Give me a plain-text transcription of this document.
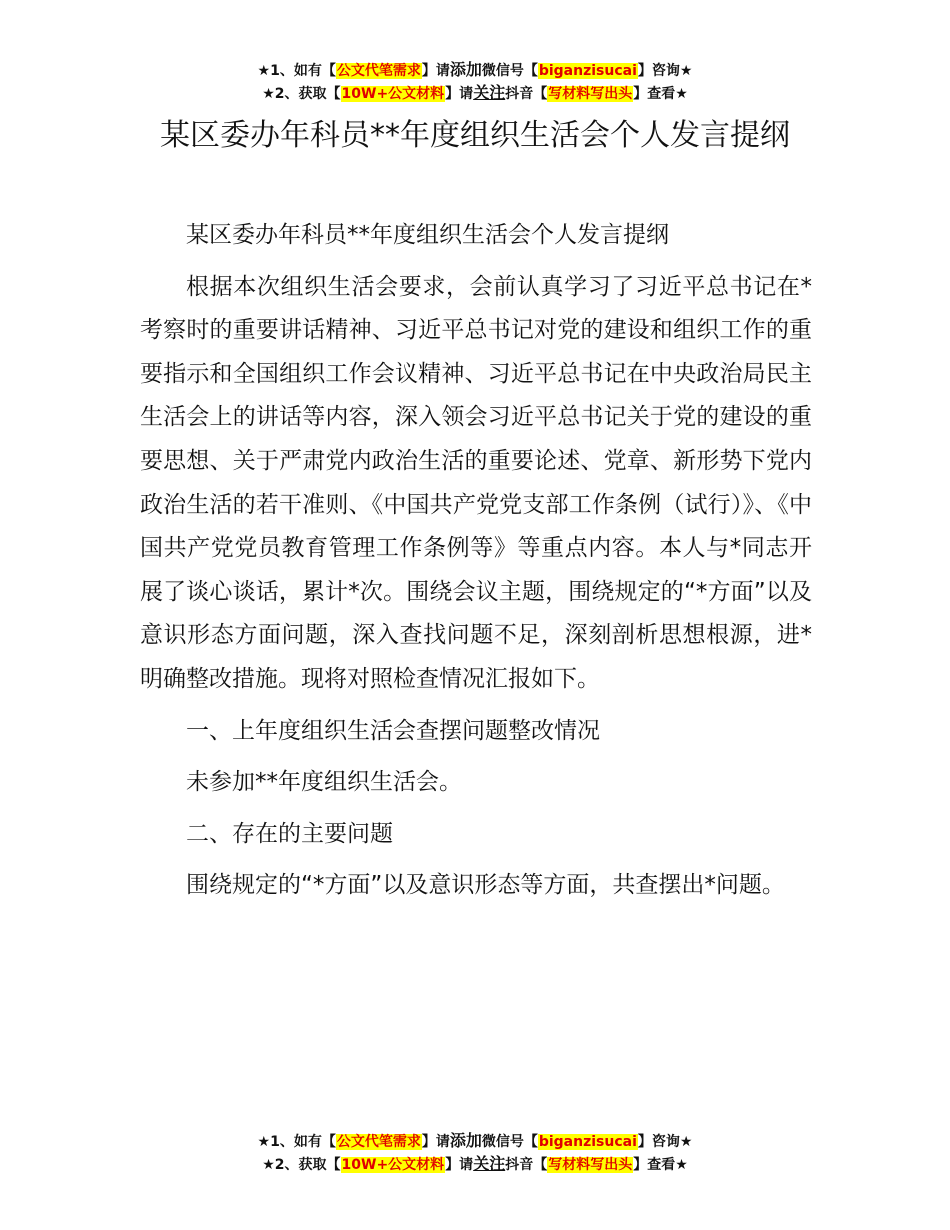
★1、如有【公文代笔需求】请添加微信号【biganzisucai】咨询★
★2、获取【10W+公文材料】请关注抖音【写材料写出头】查看★
某区委办年科员**年度组织生活会个人发言提纲

某区委办年科员**年度组织生活会个人发言提纲

根据本次组织生活会要求，会前认真学习了习近平总书记在*考察时的重要讲话精神、习近平总书记对党的建设和组织工作的重要指示和全国组织工作会议精神、习近平总书记在中央政治局民主生活会上的讲话等内容，深入领会习近平总书记关于党的建设的重要思想、关于严肃党内政治生活的重要论述、党章、新形势下党内政治生活的若干准则、《中国共产党党支部工作条例（试行）》、《中国共产党党员教育管理工作条例等》等重点内容。本人与*同志开展了谈心谈话，累计*次。围绕会议主题，围绕规定的“*方面”以及意识形态方面问题，深入查找问题不足，深刻剖析思想根源，进*明确整改措施。现将对照检查情况汇报如下。

一、上年度组织生活会查摆问题整改情况

未参加**年度组织生活会。

二、存在的主要问题

围绕规定的“*方面”以及意识形态等方面，共查摆出*问题。

★1、如有【公文代笔需求】请添加微信号【biganzisucai】咨询★
★2、获取【10W+公文材料】请关注抖音【写材料写出头】查看★
